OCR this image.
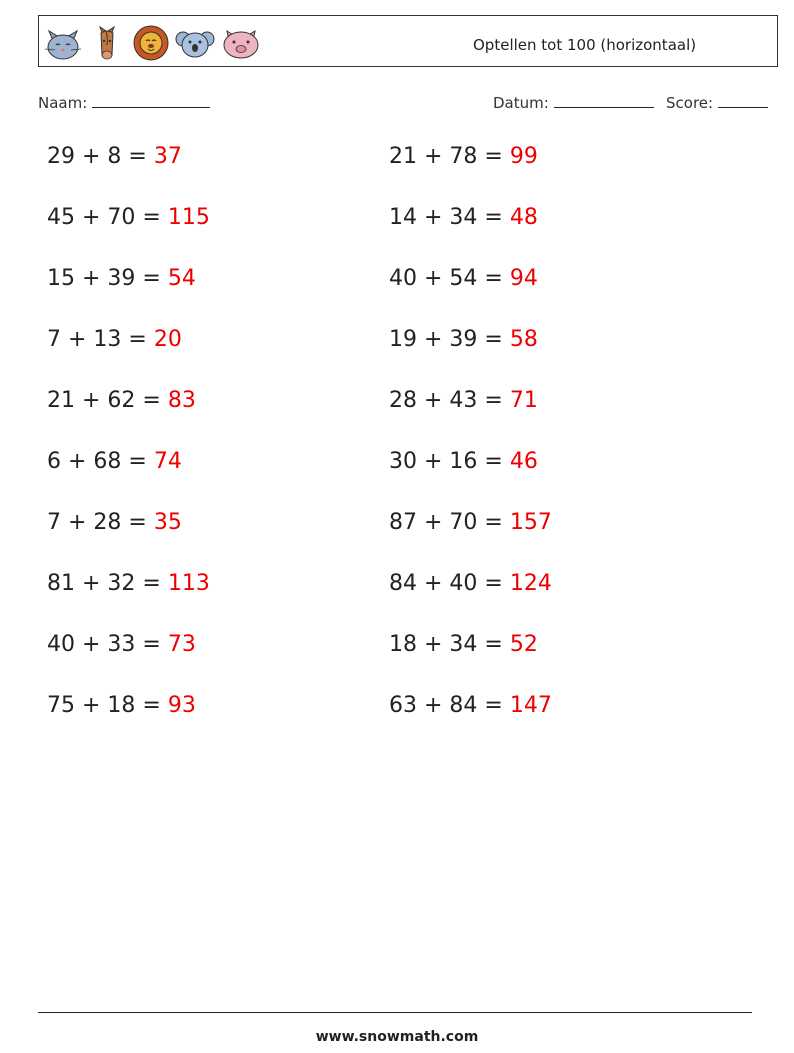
Optellen tot 100 (horizontaal)
Naam:	Datum:	Score:
29 + 8 = 37	21 + 78 = 99
45 + 70 = 115	14 + 34 = 48
15 + 39 = 54	40 + 54 = 94
7 + 13 = 20	19 + 39 = 58
21 + 62 = 83	28 + 43 = 71
6 + 68 = 74	30 + 16 = 46
7 + 28 = 35	87 + 70 = 157
81 + 32 = 113	84 + 40 = 124
40 + 33 = 73	18 + 34 = 52
75 + 18 = 93	63 + 84 = 147
www.snowmath.com
